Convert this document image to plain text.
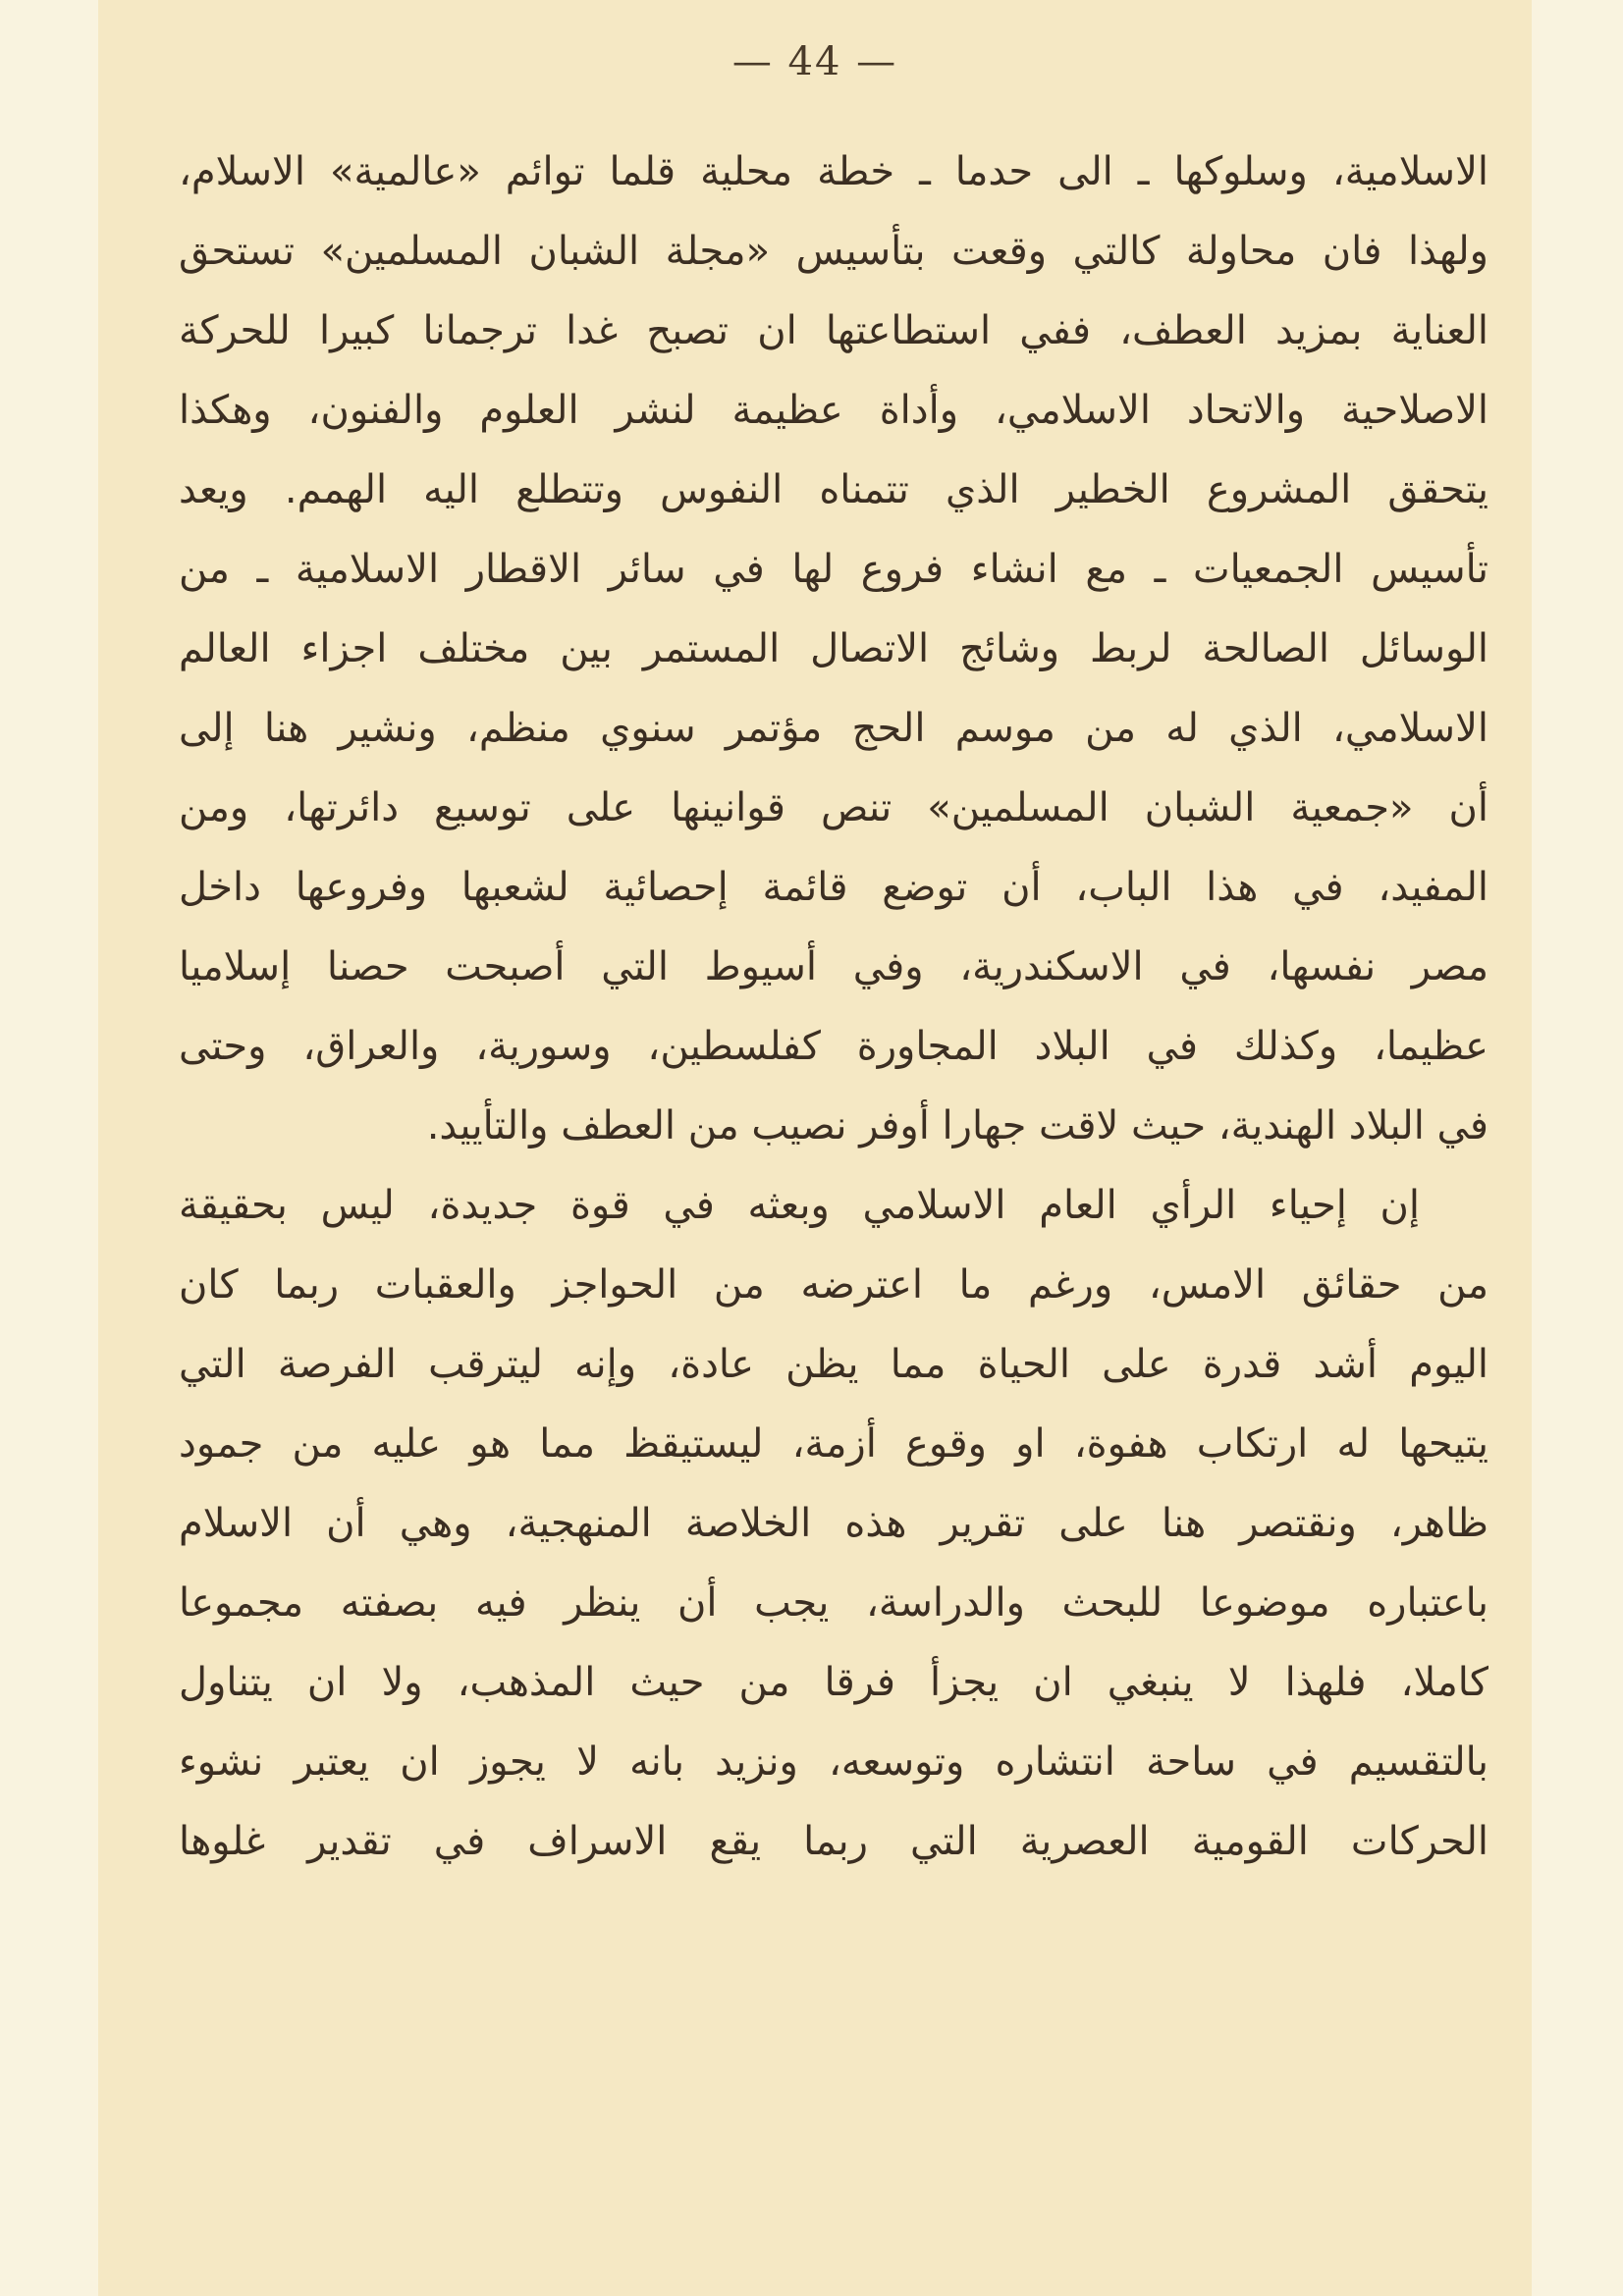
— 44 —
الاسلامية، وسلوكها ـ الى حدما ـ خطة محلية قلما توائم «عالمية» الاسلام،
ولهذا فان محاولة كالتي وقعت بتأسيس «مجلة الشبان المسلمين» تستحق
العناية بمزيد العطف، ففي استطاعتها ان تصبح غدا ترجمانا كبيرا للحركة
الاصلاحية والاتحاد الاسلامي، وأداة عظيمة لنشر العلوم والفنون، وهكذا
يتحقق المشروع الخطير الذي تتمناه النفوس وتتطلع اليه الهمم. ويعد
تأسيس الجمعيات ـ مع انشاء فروع لها في سائر الاقطار الاسلامية ـ من
الوسائل الصالحة لربط وشائج الاتصال المستمر بين مختلف اجزاء العالم
الاسلامي، الذي له من موسم الحج مؤتمر سنوي منظم، ونشير هنا إلى
أن «جمعية الشبان المسلمين» تنص قوانينها على توسيع دائرتها، ومن
المفيد، في هذا الباب، أن توضع قائمة إحصائية لشعبها وفروعها داخل
مصر نفسها، في الاسكندرية، وفي أسيوط التي أصبحت حصنا إسلاميا
عظيما، وكذلك في البلاد المجاورة كفلسطين، وسورية، والعراق، وحتى
في البلاد الهندية، حيث لاقت جهارا أوفر نصيب من العطف والتأييد.
إن إحياء الرأي العام الاسلامي وبعثه في قوة جديدة، ليس بحقيقة
من حقائق الامس، ورغم ما اعترضه من الحواجز والعقبات ربما كان
اليوم أشد قدرة على الحياة مما يظن عادة، وإنه ليترقب الفرصة التي
يتيحها له ارتكاب هفوة، او وقوع أزمة، ليستيقظ مما هو عليه من جمود
ظاهر، ونقتصر هنا على تقرير هذه الخلاصة المنهجية، وهي أن الاسلام
باعتباره موضوعا للبحث والدراسة، يجب أن ينظر فيه بصفته مجموعا
كاملا، فلهذا لا ينبغي ان يجزأ فرقا من حيث المذهب، ولا ان يتناول
بالتقسيم في ساحة انتشاره وتوسعه، ونزيد بانه لا يجوز ان يعتبر نشوء
الحركات القومية العصرية التي ربما يقع الاسراف في تقدير غلوها
